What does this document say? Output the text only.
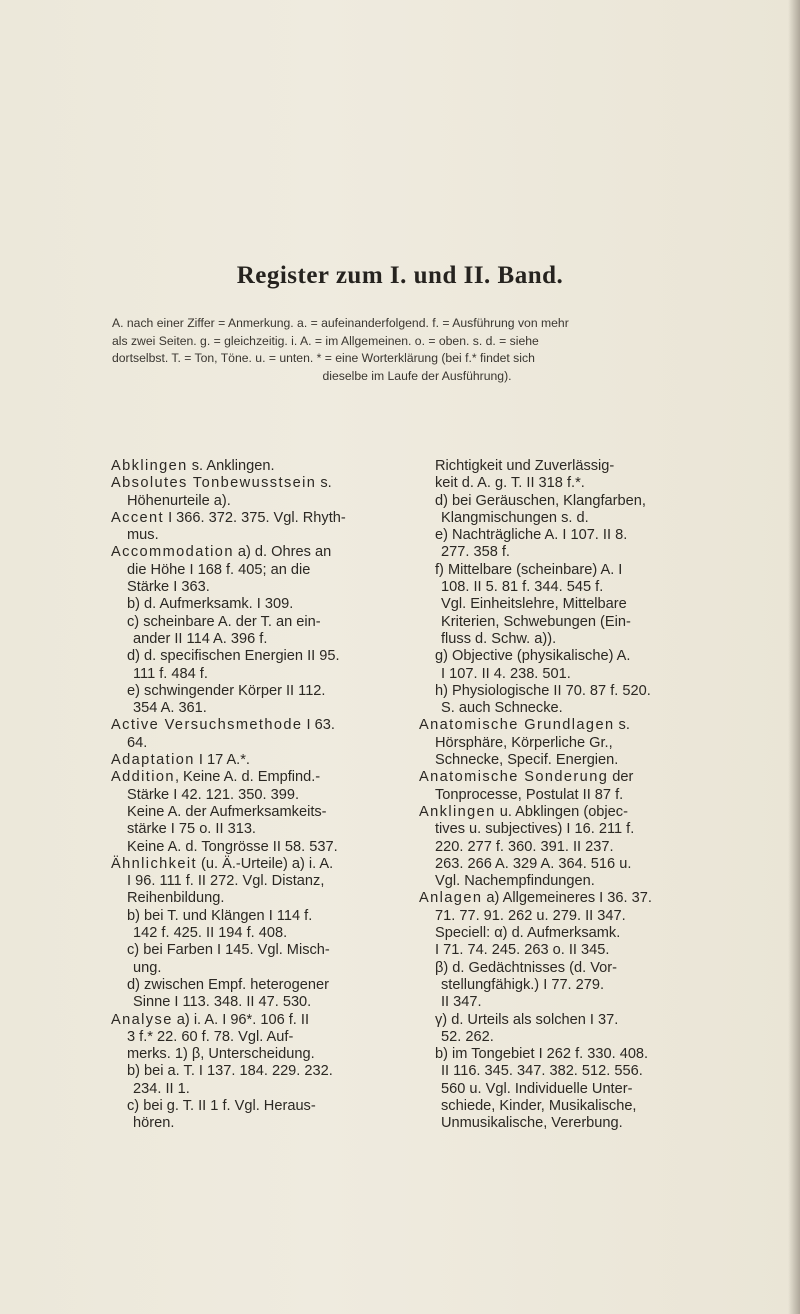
Register zum I. und II. Band.
A. nach einer Ziffer = Anmerkung. a. = aufeinanderfolgend. f. = Ausführung von mehr
als zwei Seiten. g. = gleichzeitig. i. A. = im Allgemeinen. o. = oben. s. d. = siehe
dortselbst. T. = Ton, Töne. u. = unten. * = eine Worterklärung (bei f.* findet sich
dieselbe im Laufe der Ausführung).
Abklingen s. Anklingen.
Absolutes Tonbewusstsein s.
Höhenurteile a).
Accent I 366. 372. 375. Vgl. Rhyth-
mus.
Accommodation a) d. Ohres an
die Höhe I 168 f. 405; an die
Stärke I 363.
b) d. Aufmerksamk. I 309.
c) scheinbare A. der T. an ein-
ander II 114 A. 396 f.
d) d. specifischen Energien II 95.
111 f. 484 f.
e) schwingender Körper II 112.
354 A. 361.
Active Versuchsmethode I 63.
64.
Adaptation I 17 A.*.
Addition, Keine A. d. Empfind.-
Stärke I 42. 121. 350. 399.
Keine A. der Aufmerksamkeits-
stärke I 75 o. II 313.
Keine A. d. Tongrösse II 58. 537.
Ähnlichkeit (u. Ä.-Urteile) a) i. A.
I 96. 111 f. II 272. Vgl. Distanz,
Reihenbildung.
b) bei T. und Klängen I 114 f.
142 f. 425. II 194 f. 408.
c) bei Farben I 145. Vgl. Misch-
ung.
d) zwischen Empf. heterogener
Sinne I 113. 348. II 47. 530.
Analyse a) i. A. I 96*. 106 f. II
3 f.* 22. 60 f. 78. Vgl. Auf-
merks. 1) β, Unterscheidung.
b) bei a. T. I 137. 184. 229. 232.
234. II 1.
c) bei g. T. II 1 f. Vgl. Heraus-
hören.
Richtigkeit und Zuverlässig-
keit d. A. g. T. II 318 f.*.
d) bei Geräuschen, Klangfarben,
Klangmischungen s. d.
e) Nachträgliche A. I 107. II 8.
277. 358 f.
f) Mittelbare (scheinbare) A. I
108. II 5. 81 f. 344. 545 f.
Vgl. Einheitslehre, Mittelbare
Kriterien, Schwebungen (Ein-
fluss d. Schw. a)).
g) Objective (physikalische) A.
I 107. II 4. 238. 501.
h) Physiologische II 70. 87 f. 520.
S. auch Schnecke.
Anatomische Grundlagen s.
Hörsphäre, Körperliche Gr.,
Schnecke, Specif. Energien.
Anatomische Sonderung der
Tonprocesse, Postulat II 87 f.
Anklingen u. Abklingen (objec-
tives u. subjectives) I 16. 211 f.
220. 277 f. 360. 391. II 237.
263. 266 A. 329 A. 364. 516 u.
Vgl. Nachempfindungen.
Anlagen a) Allgemeineres I 36. 37.
71. 77. 91. 262 u. 279. II 347.
Speciell: α) d. Aufmerksamk.
I 71. 74. 245. 263 o. II 345.
β) d. Gedächtnisses (d. Vor-
stellungfähigk.) I 77. 279.
II 347.
γ) d. Urteils als solchen I 37.
52. 262.
b) im Tongebiet I 262 f. 330. 408.
II 116. 345. 347. 382. 512. 556.
560 u. Vgl. Individuelle Unter-
schiede, Kinder, Musikalische,
Unmusikalische, Vererbung.
